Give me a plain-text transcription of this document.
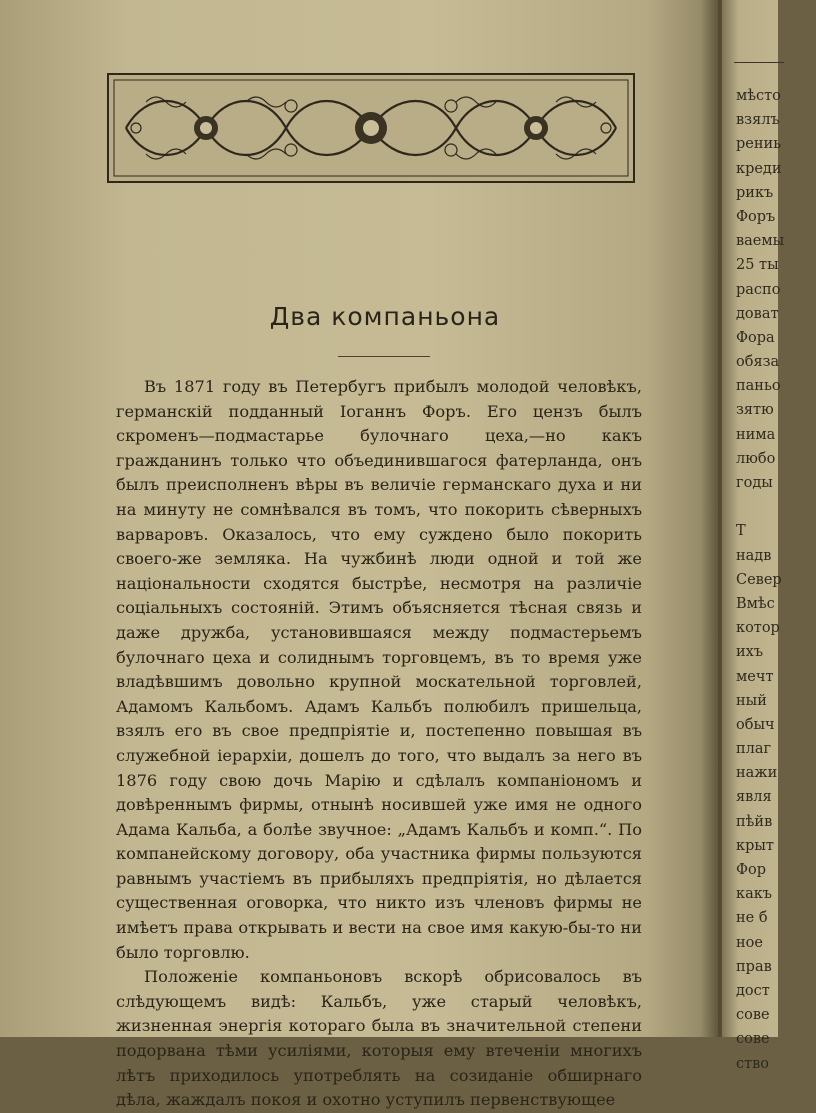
Два компаньона

Въ 1871 году въ Петербугъ прибылъ молодой человѣкъ, германскій подданный Іоганнъ Форъ. Его цензъ былъ скроменъ—подмастарье булочнаго цеха,—но какъ гражданинъ только что объединившагося фатерланда, онъ былъ преисполненъ вѣры въ величіе германскаго духа и ни на минуту не сомнѣвался въ томъ, что покорить сѣверныхъ варваровъ. Оказалось, что ему суждено было покорить своего-же земляка. На чужбинѣ люди одной и той же національности сходятся быстрѣе, несмотря на различіе соціальныхъ состояній. Этимъ объясняется тѣсная связь и даже дружба, установившаяся между подмастерьемъ булочнаго цеха и солиднымъ торговцемъ, въ то время уже владѣвшимъ довольно крупной москательной торговлей, Адамомъ Кальбомъ. Адамъ Кальбъ полюбилъ пришельца, взялъ его въ свое предпріятіе и, постепенно повышая въ служебной іерархіи, дошелъ до того, что выдалъ за него въ 1876 году свою дочь Марію и сдѣлалъ компаніономъ и довѣреннымъ фирмы, отнынѣ носившей уже имя не одного Адама Кальба, а болѣе звучное: „Адамъ Кальбъ и комп.“. По компанейскому договору, оба участника фирмы пользуются равнымъ участіемъ въ прибыляхъ предпріятія, но дѣлается существенная оговорка, что никто изъ членовъ фирмы не имѣетъ права открывать и вести на свое имя какую-бы-то ни было торговлю.

Положеніе компаньоновъ вскорѣ обрисовалось въ слѣдующемъ видѣ: Кальбъ, уже старый человѣкъ, жизненная энергія котораго была въ значительной степени подорвана тѣми усиліями, которыя ему втеченіи многихъ лѣтъ приходилось употреблять на созиданіе обширнаго дѣла, жаждалъ покоя и охотно уступилъ первенствующее

мѣсто
взялъ
рениь
креди
рикъ
Форъ
ваемы
25 ты
распо
доват
Фора
обяза
паньо
зятю
нима
любо
годы
Т
надв
Север
Вмѣс
котор
ихъ
мечт
ный
обыч
плаг
нажи
явля
пѣйв
крыт
Фор
какъ
не б
ное
прав
дост
сове
сове
ство
